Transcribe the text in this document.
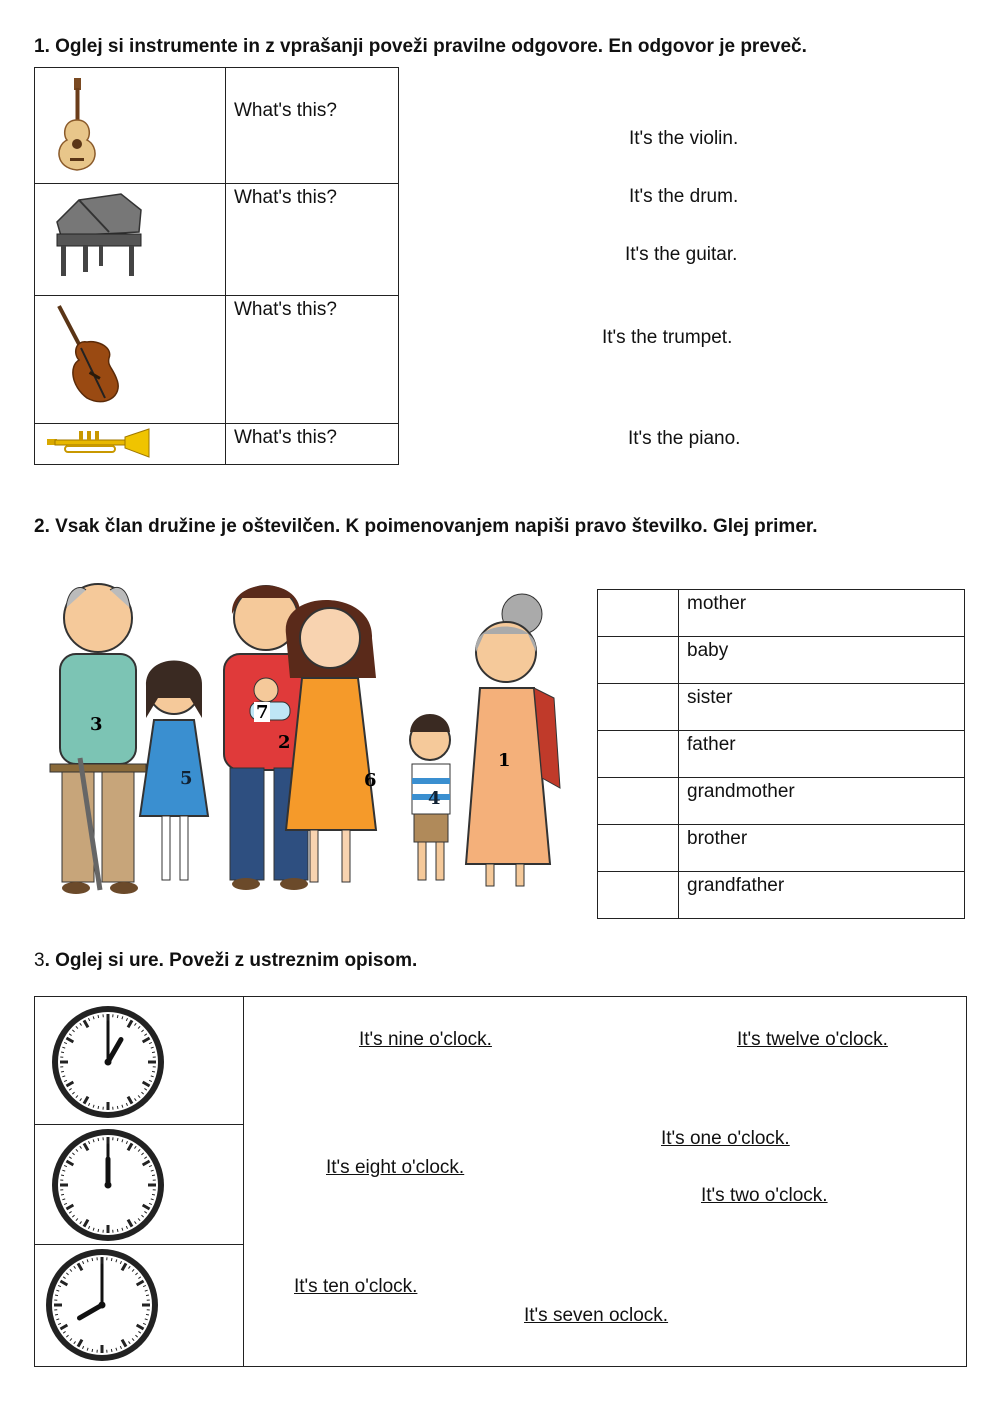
1. Oglej si instrumente in z vprašanji poveži pravilne odgovore. En odgovor je preveč.
	What's this?
	What's this?
	What's this?
	What's this?
It's the violin.
It's the drum.
It's the guitar.
It's the trumpet.
It's the piano.
2. Vsak član družine je oštevilčen. K poimenovanjem napiši pravo številko. Glej primer.
3
5
7
2
6
4
1
	mother
	baby
	sister
	father
	grandmother
	brother
	grandfather
3. Oglej si ure. Poveži z ustreznim opisom.
It's nine o'clock.	It's twelve o'clock.
It's one o'clock.
It's eight o'clock.
It's two o'clock.
It's ten o'clock.
It's seven oclock.
